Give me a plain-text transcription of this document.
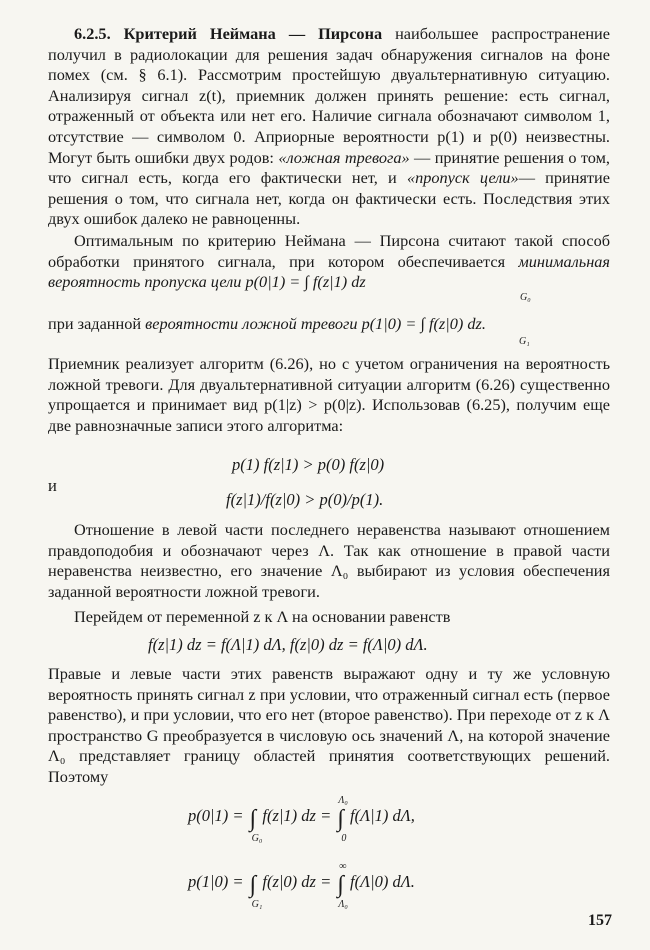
6.2.5. Критерий Неймана — Пирсона наибольшее распространение получил в радиолокации для решения задач обнаружения сигналов на фоне помех (см. § 6.1). Рассмотрим простейшую двуальтернативную ситуацию. Анализируя сигнал z(t), приемник должен принять решение: есть сигнал, отраженный от объекта или нет его. Наличие сигнала обозначают символом 1, отсутствие — символом 0. Априорные вероятности p(1) и p(0) неизвестны. Могут быть ошибки двух родов: «ложная тревога» — принятие решения о том, что сигнал есть, когда его фактически нет, и «пропуск цели»— принятие решения о том, что сигнала нет, когда он фактически есть. Последствия этих двух ошибок далеко не равноценны.

Оптимальным по критерию Неймана — Пирсона считают такой способ обработки принятого сигнала, при котором обеспечивается минимальная вероятность пропуска цели p(0|1) = ∫ f(z|1) dz

G₀

при заданной вероятности ложной тревоги p(1|0) = ∫ f(z|0) dz.

G₁

Приемник реализует алгоритм (6.26), но с учетом ограничения на вероятность ложной тревоги. Для двуальтернативной ситуации алгоритм (6.26) существенно упрощается и принимает вид p(1|z) > p(0|z). Использовав (6.25), получим еще две равнозначные записи этого алгоритма:

p(1) f(z|1) > p(0) f(z|0)
и
f(z|1)/f(z|0) > p(0)/p(1).

Отношение в левой части последнего неравенства называют отношением правдоподобия и обозначают через Λ. Так как отношение в правой части неравенства неизвестно, его значение Λ₀ выбирают из условия обеспечения заданной вероятности ложной тревоги.

Перейдем от переменной z к Λ на основании равенств

f(z|1) dz = f(Λ|1) dΛ, f(z|0) dz = f(Λ|0) dΛ.

Правые и левые части этих равенств выражают одну и ту же условную вероятность принять сигнал z при условии, что отраженный сигнал есть (первое равенство), и при условии, что его нет (второе равенство). При переходе от z к Λ пространство G преобразуется в числовую ось значений Λ, на которой значение Λ₀ представляет границу областей принятия соответствующих решений. Поэтому

p(0|1) = ∫
G₀
f(z|1) dz = ∫
Λ₀
0
f(Λ|1) dΛ,
p(1|0) = ∫
G₁
f(z|0) dz = ∫
∞
Λ₀
f(Λ|0) dΛ.
157
